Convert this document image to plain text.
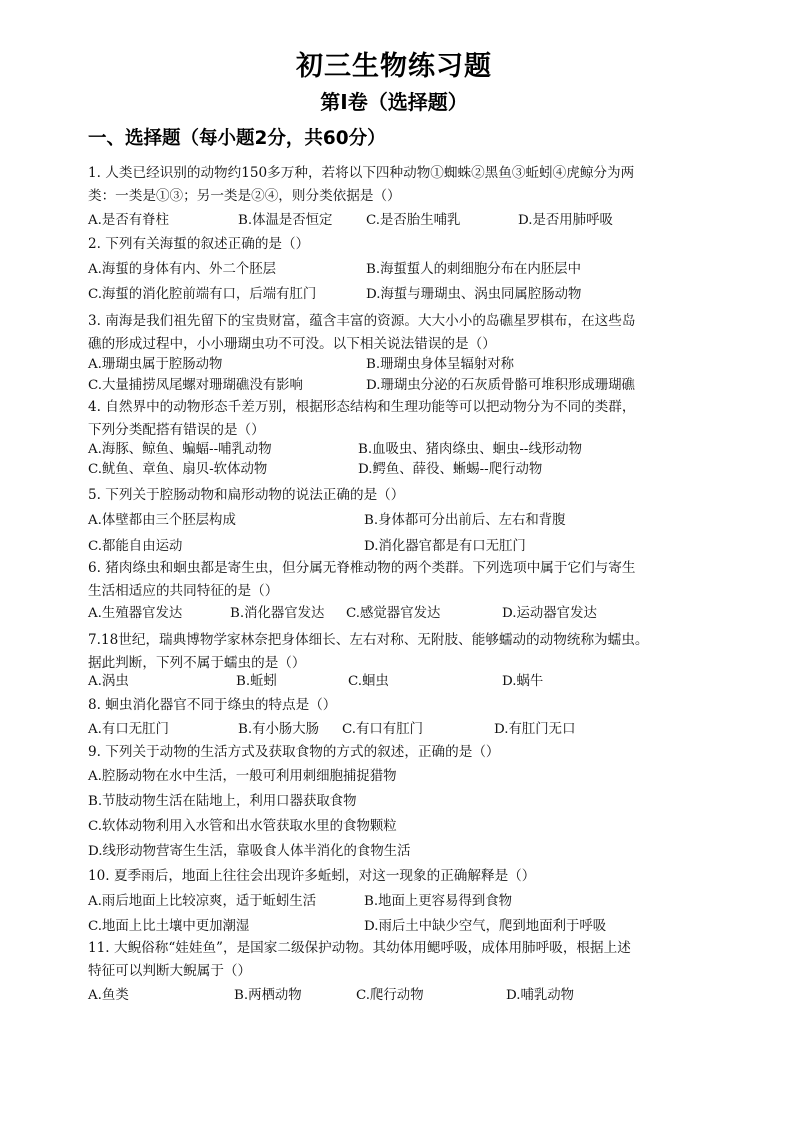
初三生物练习题
第Ⅰ卷（选择题）
一、选择题（每小题2分，共60分）
1. 人类已经识别的动物约150多万种，若将以下四种动物①蜘蛛②黑鱼③蚯蚓④虎鲸分为两
类：一类是①③；另一类是②④，则分类依据是（）
A.是否有脊柱	B.体温是否恒定	C.是否胎生哺乳	D.是否用肺呼吸
2. 下列有关海蜇的叙述正确的是（）
A.海蜇的身体有内、外二个胚层	B.海蜇蜇人的刺细胞分布在内胚层中
C.海蜇的消化腔前端有口，后端有肛门	D.海蜇与珊瑚虫、涡虫同属腔肠动物
3. 南海是我们祖先留下的宝贵财富，蕴含丰富的资源。大大小小的岛礁星罗棋布，在这些岛
礁的形成过程中，小小珊瑚虫功不可没。以下相关说法错误的是（）
A.珊瑚虫属于腔肠动物	B.珊瑚虫身体呈辐射对称
C.大量捕捞凤尾螺对珊瑚礁没有影响	D.珊瑚虫分泌的石灰质骨骼可堆积形成珊瑚礁
4. 自然界中的动物形态千差万别，根据形态结构和生理功能等可以把动物分为不同的类群，
下列分类配搭有错误的是（）
A.海豚、鲸鱼、蝙蝠--哺乳动物	B.血吸虫、猪肉绦虫、蛔虫--线形动物
C.鱿鱼、章鱼、扇贝-软体动物	D.鳄鱼、薛役、蜥蜴--爬行动物
5. 下列关于腔肠动物和扁形动物的说法正确的是（）
A.体壁都由三个胚层构成	B.身体都可分出前后、左右和背腹
C.都能自由运动	D.消化器官都是有口无肛门
6. 猪肉绦虫和蛔虫都是寄生虫，但分属无脊椎动物的两个类群。下列选项中属于它们与寄生
生活相适应的共同特征的是（）
A.生殖器官发达	B.消化器官发达 C.感觉器官发达	D.运动器官发达
7.18世纪，瑞典博物学家林奈把身体细长、左右对称、无附肢、能够蠕动的动物统称为蠕虫。
据此判断，下列不属于蠕虫的是（）
A.涡虫	B.蚯蚓	C.蛔虫	D.蜗牛
8. 蛔虫消化器官不同于绦虫的特点是（）
A.有口无肛门	B.有小肠大肠 C.有口有肛门	D.有肛门无口
9. 下列关于动物的生活方式及获取食物的方式的叙述，正确的是（）
A.腔肠动物在水中生活，一般可利用刺细胞捕捉猎物
B.节肢动物生活在陆地上，利用口器获取食物
C.软体动物利用入水管和出水管获取水里的食物颗粒
D.线形动物营寄生生活，靠吸食人体半消化的食物生活
10. 夏季雨后，地面上往往会出现许多蚯蚓，对这一现象的正确解释是（）
A.雨后地面上比较凉爽，适于蚯蚓生活	B.地面上更容易得到食物
C.地面上比土壤中更加潮湿	D.雨后土中缺少空气，爬到地面利于呼吸
11. 大鲵俗称“娃娃鱼”，是国家二级保护动物。其幼体用鳃呼吸，成体用肺呼吸，根据上述
特征可以判断大鲵属于（）
A.鱼类	B.两栖动物	C.爬行动物	D.哺乳动物
